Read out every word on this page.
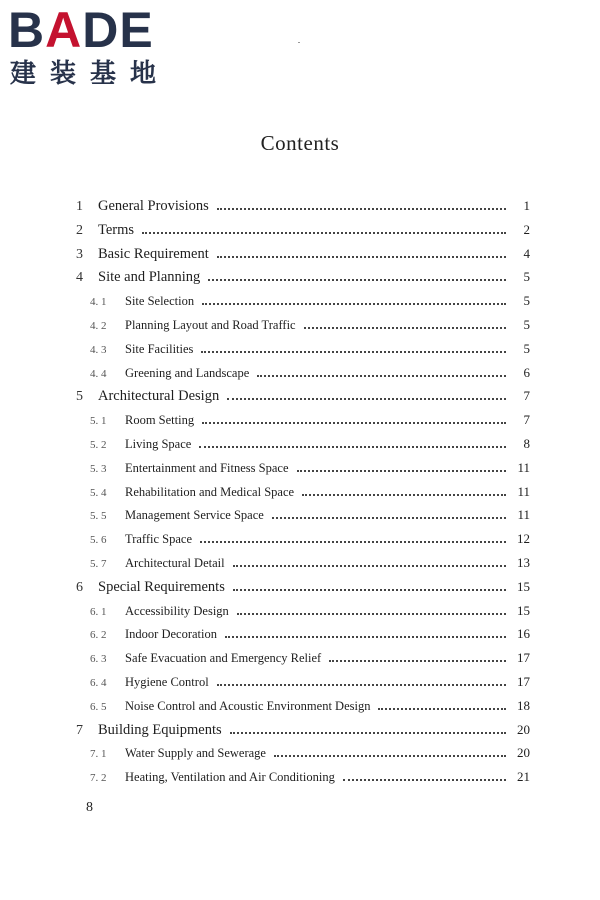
BADE
建装基地
Contents
1	General Provisions	1
2	Terms	2
3	Basic Requirement	4
4	Site and Planning	5
4. 1	Site Selection	5
4. 2	Planning Layout and Road Traffic	5
4. 3	Site Facilities	5
4. 4	Greening and Landscape	6
5	Architectural Design	7
5. 1	Room Setting	7
5. 2	Living Space	8
5. 3	Entertainment and Fitness Space	11
5. 4	Rehabilitation and Medical Space	11
5. 5	Management Service Space	11
5. 6	Traffic Space	12
5. 7	Architectural Detail	13
6	Special Requirements	15
6. 1	Accessibility Design	15
6. 2	Indoor Decoration	16
6. 3	Safe Evacuation and Emergency Relief	17
6. 4	Hygiene Control	17
6. 5	Noise Control and Acoustic Environment Design	18
7	Building Equipments	20
7. 1	Water Supply and Sewerage	20
7. 2	Heating, Ventilation and Air Conditioning	21
8
